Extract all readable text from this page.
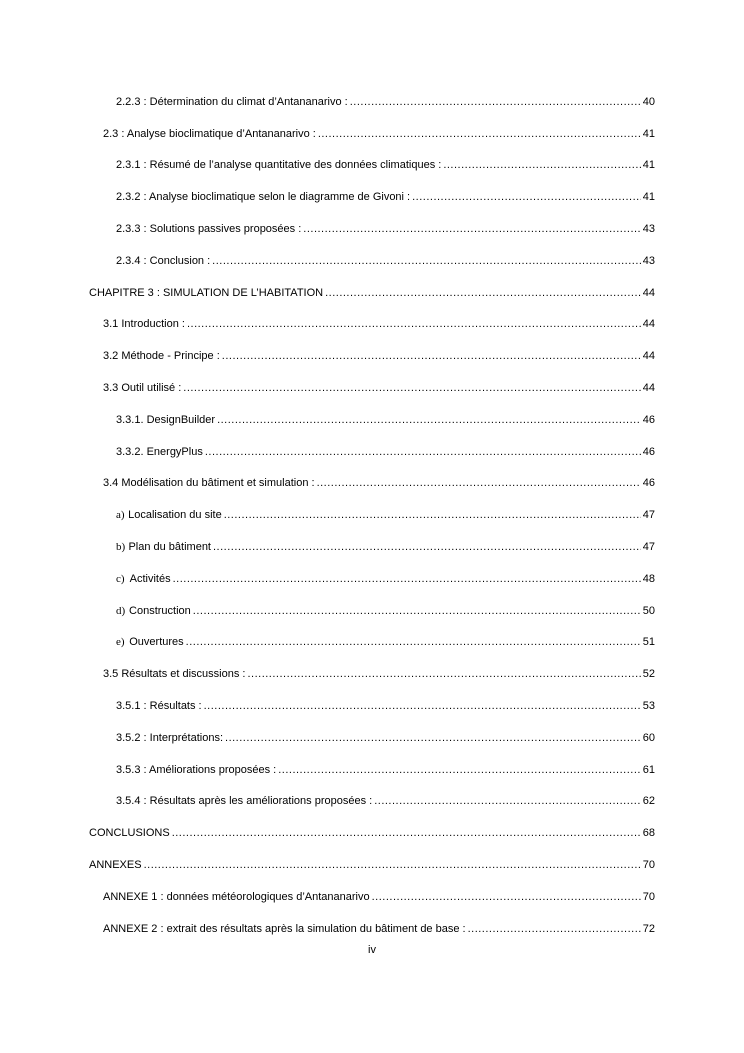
2.2.3 : Détermination du climat d’Antananarivo : .....	40
2.3 : Analyse bioclimatique d’Antananarivo : .....	41
2.3.1 : Résumé de l’analyse quantitative des données climatiques : .....	41
2.3.2 : Analyse bioclimatique selon le diagramme de Givoni : .....	41
2.3.3 : Solutions passives proposées : .....	43
2.3.4 : Conclusion : .....	43
CHAPITRE 3 : SIMULATION DE L’HABITATION .....	44
3.1 Introduction : .....	44
3.2 Méthode - Principe : .....	44
3.3 Outil utilisé : .....	44
3.3.1. DesignBuilder .....	46
3.3.2. EnergyPlus .....	46
3.4 Modélisation du bâtiment et simulation : .....	46
a) Localisation du site .....	47
b) Plan du bâtiment .....	47
c) Activités .....	48
d) Construction .....	50
e) Ouvertures .....	51
3.5 Résultats et discussions : .....	52
3.5.1 : Résultats : .....	53
3.5.2 : Interprétations: .....	60
3.5.3 : Améliorations proposées : .....	61
3.5.4 : Résultats après les améliorations proposées : .....	62
CONCLUSIONS .....	68
ANNEXES .....	70
ANNEXE 1 : données météorologiques d’Antananarivo .....	70
ANNEXE 2 : extrait des résultats après la simulation du bâtiment de base : .....	72
iv
